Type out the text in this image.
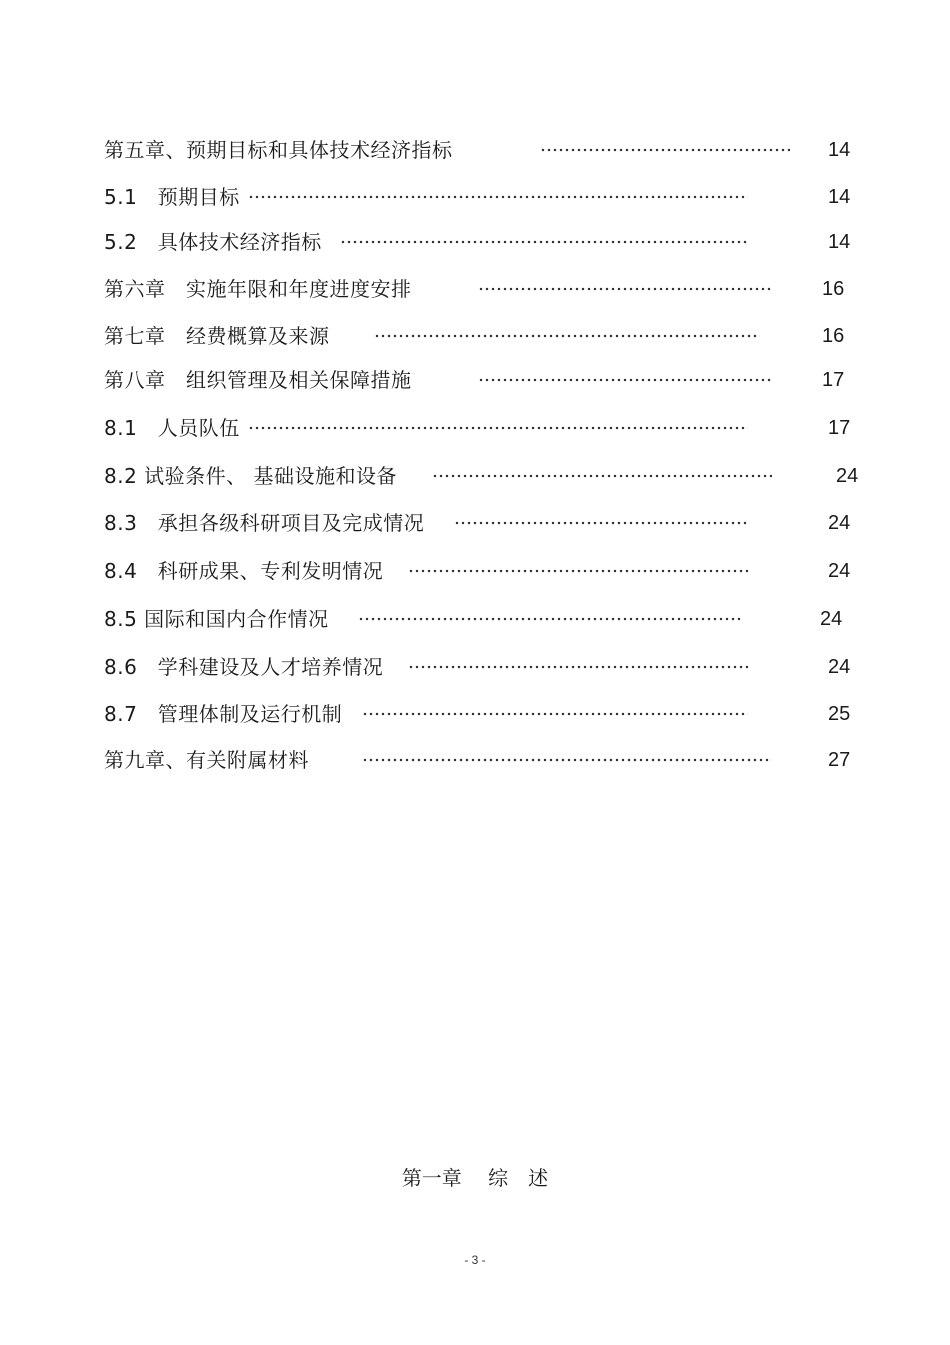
第五章、预期目标和具体技术经济指标	14
5.1　预期目标	14
5.2　具体技术经济指标	14
第六章　实施年限和年度进度安排	16
第七章　经费概算及来源	16
第八章　组织管理及相关保障措施	17
8.1　人员队伍	17
8.2 试验条件、 基础设施和设备	24
8.3　承担各级科研项目及完成情况	24
8.4　科研成果、专利发明情况	24
8.5 国际和国内合作情况	24
8.6　学科建设及人才培养情况	24
8.7　管理体制及运行机制	25
第九章、有关附属材料	27
第一章　 综　述
- 3 -
